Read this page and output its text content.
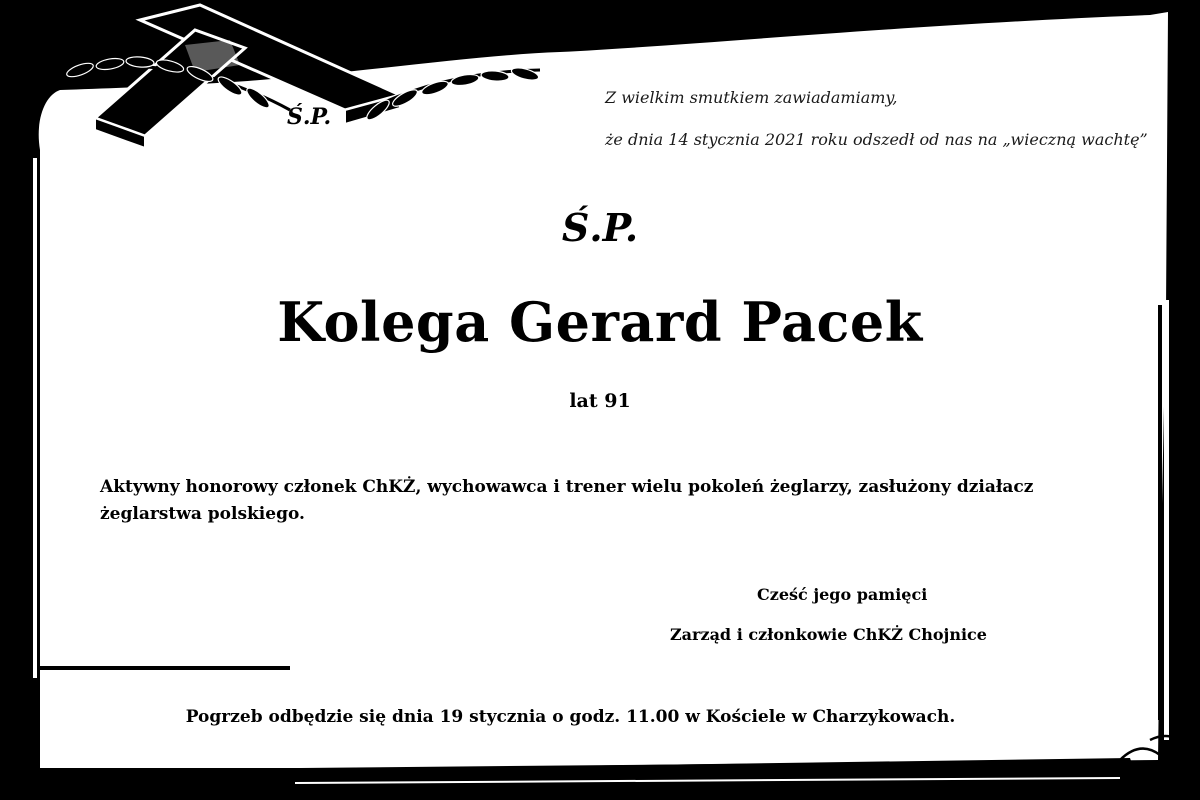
Ś.P.
Z wielkim smutkiem zawiadamiamy,
że dnia 14 stycznia 2021 roku odszedł od nas na „wieczną wachtę”
Ś.P.
Kolega Gerard Pacek
lat 91

Aktywny honorowy członek ChKŻ, wychowawca i trener wielu pokoleń żeglarzy, zasłużony działacz żeglarstwa polskiego.

Cześć jego pamięci
Zarząd i członkowie ChKŻ Chojnice
Pogrzeb odbędzie się dnia 19 stycznia o godz. 11.00 w Kościele w Charzykowach.
